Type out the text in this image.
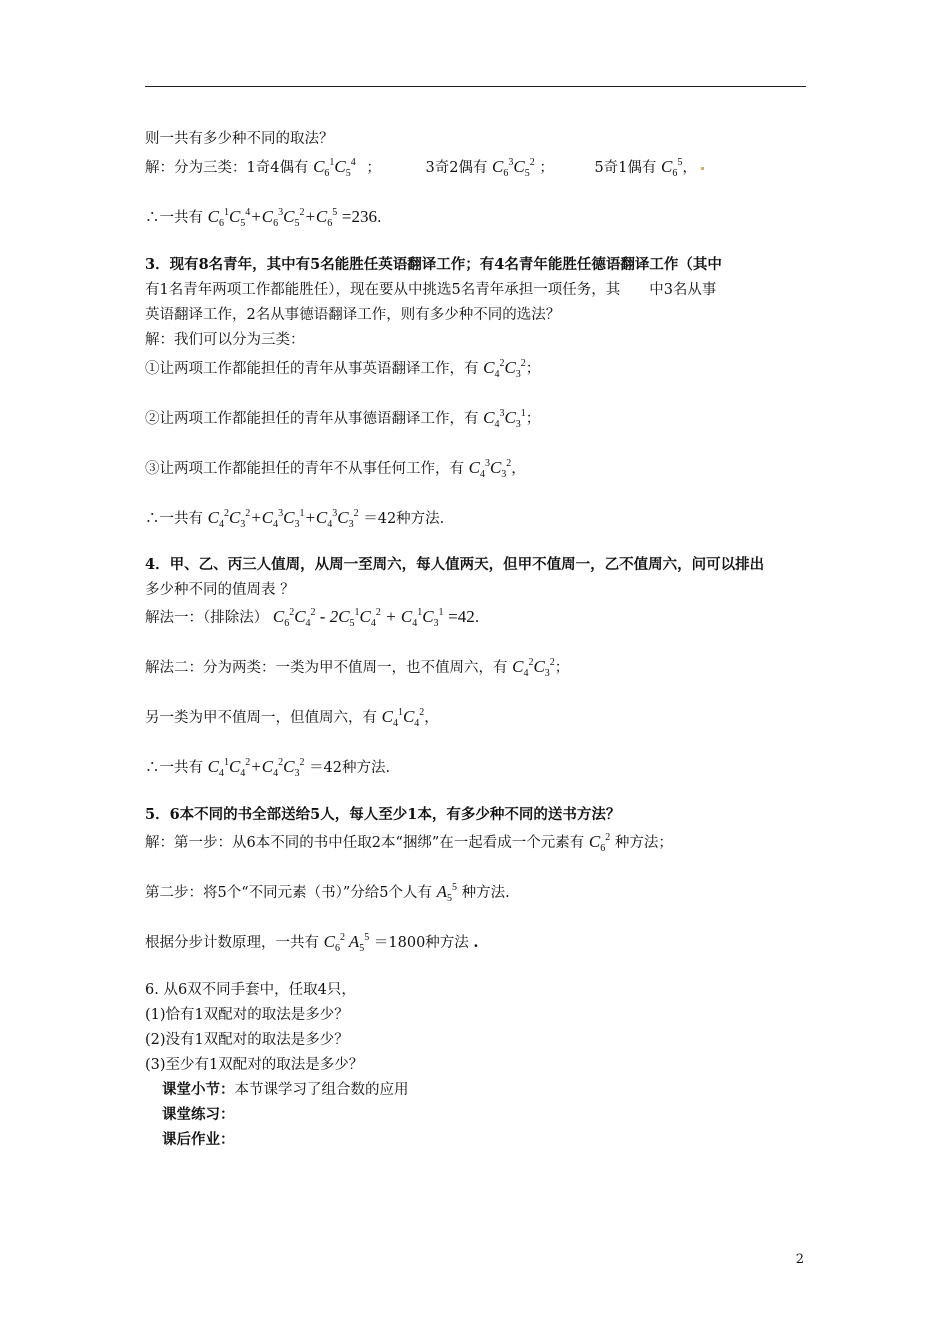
则一共有多少种不同的取法？
解：分为三类：1奇4偶有 $C_6^1C_5^4$ ；	3奇2偶有 $C_6^3C_5^2$ ；	5奇1偶有 $C_6^5$，
∴一共有 $C_6^1C_5^4+C_6^3C_5^2+C_6^5 =236$.
3．现有8名青年，其中有5名能胜任英语翻译工作；有4名青年能胜任德语翻译工作（其中
有1名青年两项工作都能胜任），现在要从中挑选5名青年承担一项任务，其　　中3名从事
英语翻译工作，2名从事德语翻译工作，则有多少种不同的选法？
解：我们可以分为三类：
①让两项工作都能担任的青年从事英语翻译工作，有 $C_4^2C_3^2$；
②让两项工作都能担任的青年从事德语翻译工作，有 $C_4^3C_3^1$；
③让两项工作都能担任的青年不从事任何工作，有 $C_4^3C_3^2$，
∴一共有 $C_4^2C_3^2+C_4^3C_3^1+C_4^3C_3^2 =42$种方法.
4．甲、乙、丙三人值周，从周一至周六，每人值两天，但甲不值周一，乙不值周六，问可以排出
多少种不同的值周表 ？
解法一：（排除法） $C_6^2C_4^2 - 2C_5^1C_4^2 + C_4^1C_3^1 =42$.
解法二：分为两类：一类为甲不值周一，也不值周六，有 $C_4^2C_3^2$；
另一类为甲不值周一，但值周六，有 $C_4^1C_4^2$，
∴一共有 $C_4^1C_4^2+C_4^2C_3^2 =42$种方法.
5．6本不同的书全部送给5人，每人至少1本，有多少种不同的送书方法？
解：第一步：从6本不同的书中任取2本“捆绑”在一起看成一个元素有 $C_6^2$ 种方法；
第二步：将5个“不同元素（书）”分给5个人有 $A_5^5$ 种方法.
根据分步计数原理，一共有 $C_6^2$ $A_5^5 =1800$种方法 .
6. 从6双不同手套中，任取4只，
(1)恰有1双配对的取法是多少？
(2)没有1双配对的取法是多少？
(3)至少有1双配对的取法是多少？
课堂小节：本节课学习了组合数的应用
课堂练习：
课后作业：
2
